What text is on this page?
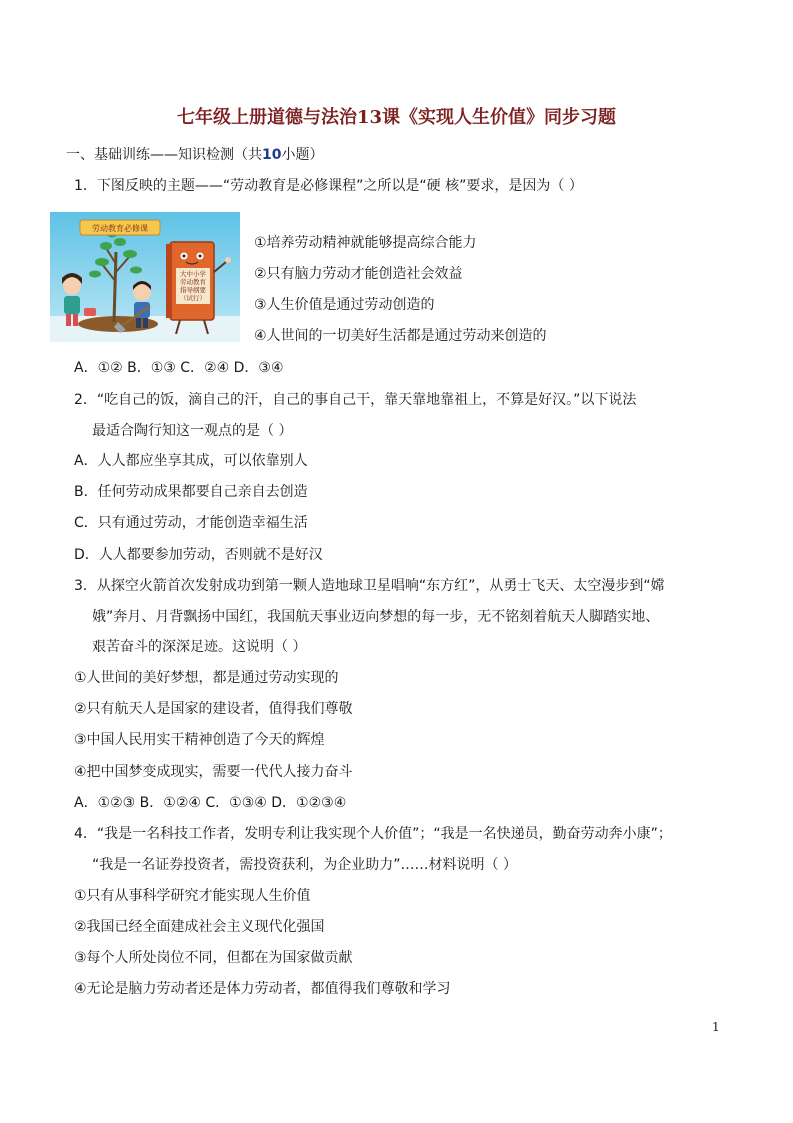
七年级上册道德与法治13课《实现人生价值》同步习题
一、基础训练——知识检测（共10小题）
1．下图反映的主题——“劳动教育是必修课程”之所以是“硬 核”要求，是因为（ ）
劳动教育必修课
大中小学
劳动教育
指导纲要
（试行）
①培养劳动精神就能够提高综合能力
②只有脑力劳动才能创造社会效益
③人生价值是通过劳动创造的
④人世间的一切美好生活都是通过劳动来创造的
A．①② B．①③ C．②④ D．③④
2．“吃自己的饭，滴自己的汗，自己的事自己干，靠天靠地靠祖上，不算是好汉。”以下说法
最适合陶行知这一观点的是（ ）
A．人人都应坐享其成，可以依靠别人
B．任何劳动成果都要自己亲自去创造
C．只有通过劳动，才能创造幸福生活
D．人人都要参加劳动，否则就不是好汉
3．从探空火箭首次发射成功到第一颗人造地球卫星唱响“东方红”，从勇士飞天、太空漫步到“嫦
娥”奔月、月背飘扬中国红，我国航天事业迈向梦想的每一步，无不铭刻着航天人脚踏实地、
艰苦奋斗的深深足迹。这说明（ ）
①人世间的美好梦想，都是通过劳动实现的
②只有航天人是国家的建设者，值得我们尊敬
③中国人民用实干精神创造了今天的辉煌
④把中国梦变成现实，需要一代代人接力奋斗
A．①②③ B．①②④ C．①③④ D．①②③④
4．“我是一名科技工作者，发明专利让我实现个人价值”；“我是一名快递员，勤奋劳动奔小康”；
“我是一名证券投资者，需投资获利，为企业助力”……材料说明（ ）
①只有从事科学研究才能实现人生价值
②我国已经全面建成社会主义现代化强国
③每个人所处岗位不同，但都在为国家做贡献
④无论是脑力劳动者还是体力劳动者，都值得我们尊敬和学习
1
